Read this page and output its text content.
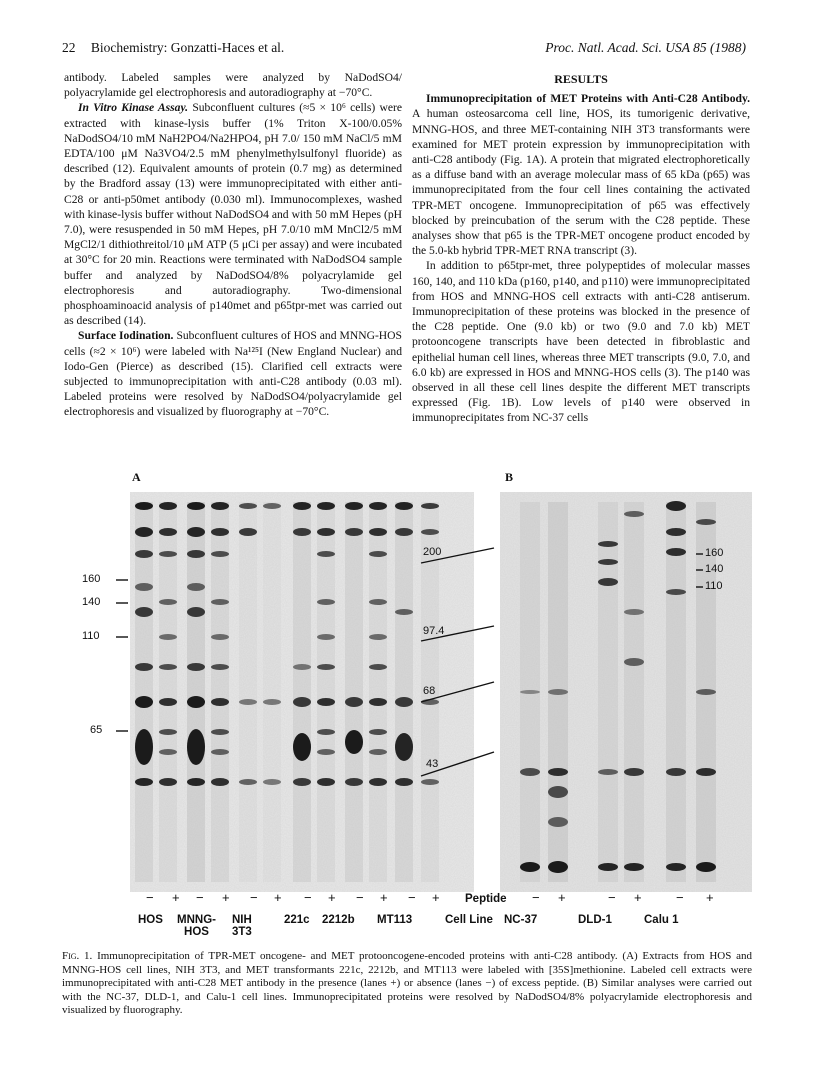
22 Biochemistry: Gonzatti-Haces et al.	Proc. Natl. Acad. Sci. USA 85 (1988)

antibody. Labeled samples were analyzed by NaDodSO4/ polyacrylamide gel electrophoresis and autoradiography at −70°C.

In Vitro Kinase Assay. Subconfluent cultures (≈5 × 10⁶ cells) were extracted with kinase-lysis buffer (1% Triton X-100/0.05% NaDodSO4/10 mM NaH2PO4/Na2HPO4, pH 7.0/ 150 mM NaCl/5 mM EDTA/100 μM Na3VO4/2.5 mM phenylmethylsulfonyl fluoride) as described (12). Equivalent amounts of protein (0.7 mg) as determined by the Bradford assay (13) were immunoprecipitated with either anti-C28 or anti-p50met antibody (0.030 ml). Immunocomplexes, washed with kinase-lysis buffer without NaDodSO4 and with 50 mM Hepes (pH 7.0), were resuspended in 50 mM Hepes, pH 7.0/10 mM MnCl2/5 mM MgCl2/1 dithiothreitol/10 μM ATP (5 μCi per assay) and were incubated at 30°C for 20 min. Reactions were terminated with NaDodSO4 sample buffer and analyzed by NaDodSO4/8% polyacrylamide gel electrophoresis and autoradiography. Two-dimensional phosphoaminoacid analysis of p140met and p65tpr-met was carried out as described (14).

Surface Iodination. Subconfluent cultures of HOS and MNNG-HOS cells (≈2 × 10⁶) were labeled with Na¹²⁵I (New England Nuclear) and Iodo-Gen (Pierce) as described (15). Clarified cell extracts were subjected to immunoprecipitation with anti-C28 antibody (0.03 ml). Labeled proteins were resolved by NaDodSO4/polyacrylamide gel electrophoresis and visualized by fluorography at −70°C.

RESULTS

Immunoprecipitation of MET Proteins with Anti-C28 Antibody. A human osteosarcoma cell line, HOS, its tumorigenic derivative, MNNG-HOS, and three MET-containing NIH 3T3 transformants were examined for MET protein expression by immunoprecipitation with anti-C28 antibody (Fig. 1A). A protein that migrated electrophoretically as a diffuse band with an average molecular mass of 65 kDa (p65) was immunoprecipitated from the four cell lines containing the activated TPR-MET oncogene. Immunoprecipitation of p65 was effectively blocked by preincubation of the serum with the C28 peptide. These analyses show that p65 is the TPR-MET oncogene product encoded by the 5.0-kb hybrid TPR-MET RNA transcript (3).

In addition to p65tpr-met, three polypeptides of molecular masses 160, 140, and 110 kDa (p160, p140, and p110) were immunoprecipitated from HOS and MNNG-HOS cell extracts with anti-C28 antiserum. Immunoprecipitation of these proteins was blocked in the presence of the C28 peptide. One (9.0 kb) or two (9.0 and 7.0 kb) MET protooncogene transcripts have been detected in fibroblastic and epithelial human cell lines, whereas three MET transcripts (9.0, 7.0, and 6.0 kb) are expressed in HOS and MNNG-HOS cells (3). The p140 was observed in all these cell lines despite the different MET transcripts expressed (Fig. 1B). Low levels of p140 were observed in immunoprecipitates from NC-37 cells

A	B
160
140
110
65
200
97.4
68
43
160
140
110
− + − + − + − + − + − +	− +	− +	− +
Peptide
Cell Line
HOS MNNG-
HOS
NIH
3T3
221c 2212b MT113	NC-37	DLD-1	Calu 1
Fig. 1. Immunoprecipitation of TPR-MET oncogene- and MET protooncogene-encoded proteins with anti-C28 antibody. (A) Extracts from HOS and MNNG-HOS cell lines, NIH 3T3, and MET transformants 221c, 2212b, and MT113 were labeled with [35S]methionine. Labeled cell extracts were immunoprecipitated with anti-C28 MET antibody in the presence (lanes +) or absence (lanes −) of excess peptide. (B) Similar analyses were carried out with the NC-37, DLD-1, and Calu-1 cell lines. Immunoprecipitated proteins were resolved by NaDodSO4/8% polyacrylamide electrophoresis and visualized by fluorography.
